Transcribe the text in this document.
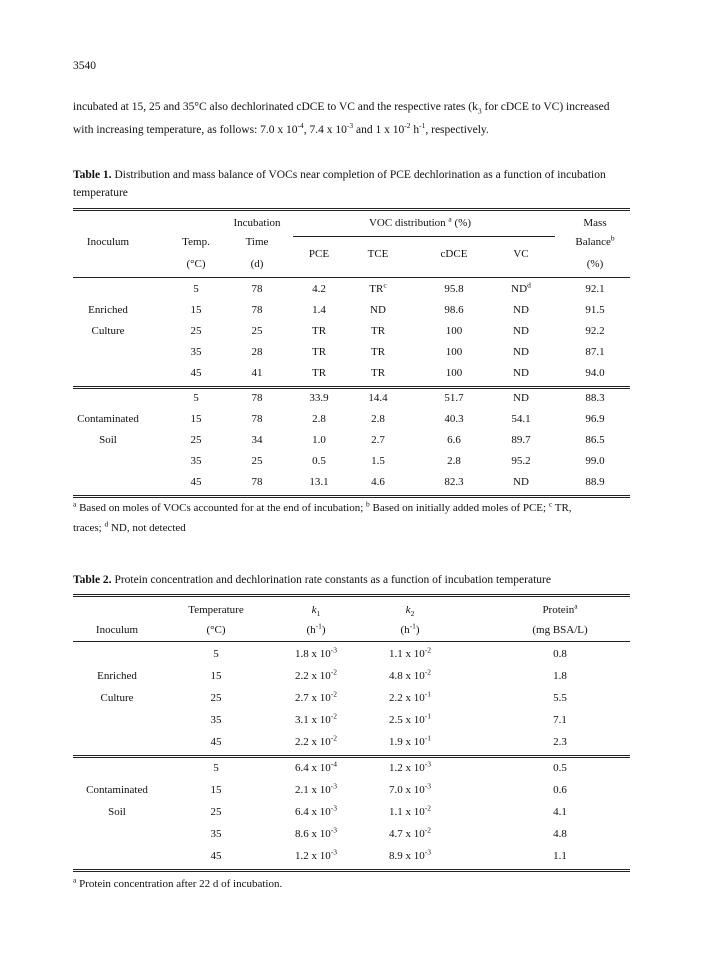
3540

incubated at 15, 25 and 35°C also dechlorinated cDCE to VC and the respective rates ($k_3$ for cDCE to VC) increased

with increasing temperature, as follows: 7.0 x $10^{-4}$, 7.4 x $10^{-3}$ and 1 x $10^{-2}$ $h^{-1}$, respectively.

Table 1. Distribution and mass balance of VOCs near completion of PCE dechlorination as a function of incubation temperature
Incubation	VOC distribution $^a$ (%)	Mass
Inoculum	Temp.	Time	Balance$^b$
PCE	TCE	cDCE	VC
(°C)	(d)	(%)
5	78	4.2	$TR^c$	95.8	$ND^d$	92.1
Enriched	15	78	1.4	ND	98.6	ND	91.5
Culture	25	25	TR	TR	100	ND	92.2
35	28	TR	TR	100	ND	87.1
45	41	TR	TR	100	ND	94.0
5	78	33.9	14.4	51.7	ND	88.3
Contaminated	15	78	2.8	2.8	40.3	54.1	96.9
Soil	25	34	1.0	2.7	6.6	89.7	86.5
35	25	0.5	1.5	2.8	95.2	99.0
45	78	13.1	4.6	82.3	ND	88.9
$^a$ Based on moles of VOCs accounted for at the end of incubation; $^b$ Based on initially added moles of PCE; $^c$ TR,
traces; $^d$ ND, not detected
Table 2. Protein concentration and dechlorination rate constants as a function of incubation temperature
Temperature	$k_1$	$k_2$	Protein$^a$
Inoculum	(°C)	$(h^{-1})$	$(h^{-1})$	(mg BSA/L)
5	1.8 x $10^{-3}$	1.1 x $10^{-2}$	0.8
Enriched	15	2.2 x $10^{-2}$	4.8 x $10^{-2}$	1.8
Culture	25	2.7 x $10^{-2}$	2.2 x $10^{-1}$	5.5
35	3.1 x $10^{-2}$	2.5 x $10^{-1}$	7.1
45	2.2 x $10^{-2}$	1.9 x $10^{-1}$	2.3
5	6.4 x $10^{-4}$	1.2 x $10^{-3}$	0.5
Contaminated	15	2.1 x $10^{-3}$	7.0 x $10^{-3}$	0.6
Soil	25	6.4 x $10^{-3}$	1.1 x $10^{-2}$	4.1
35	8.6 x $10^{-3}$	4.7 x $10^{-2}$	4.8
45	1.2 x $10^{-3}$	8.9 x $10^{-3}$	1.1
$^a$ Protein concentration after 22 d of incubation.
